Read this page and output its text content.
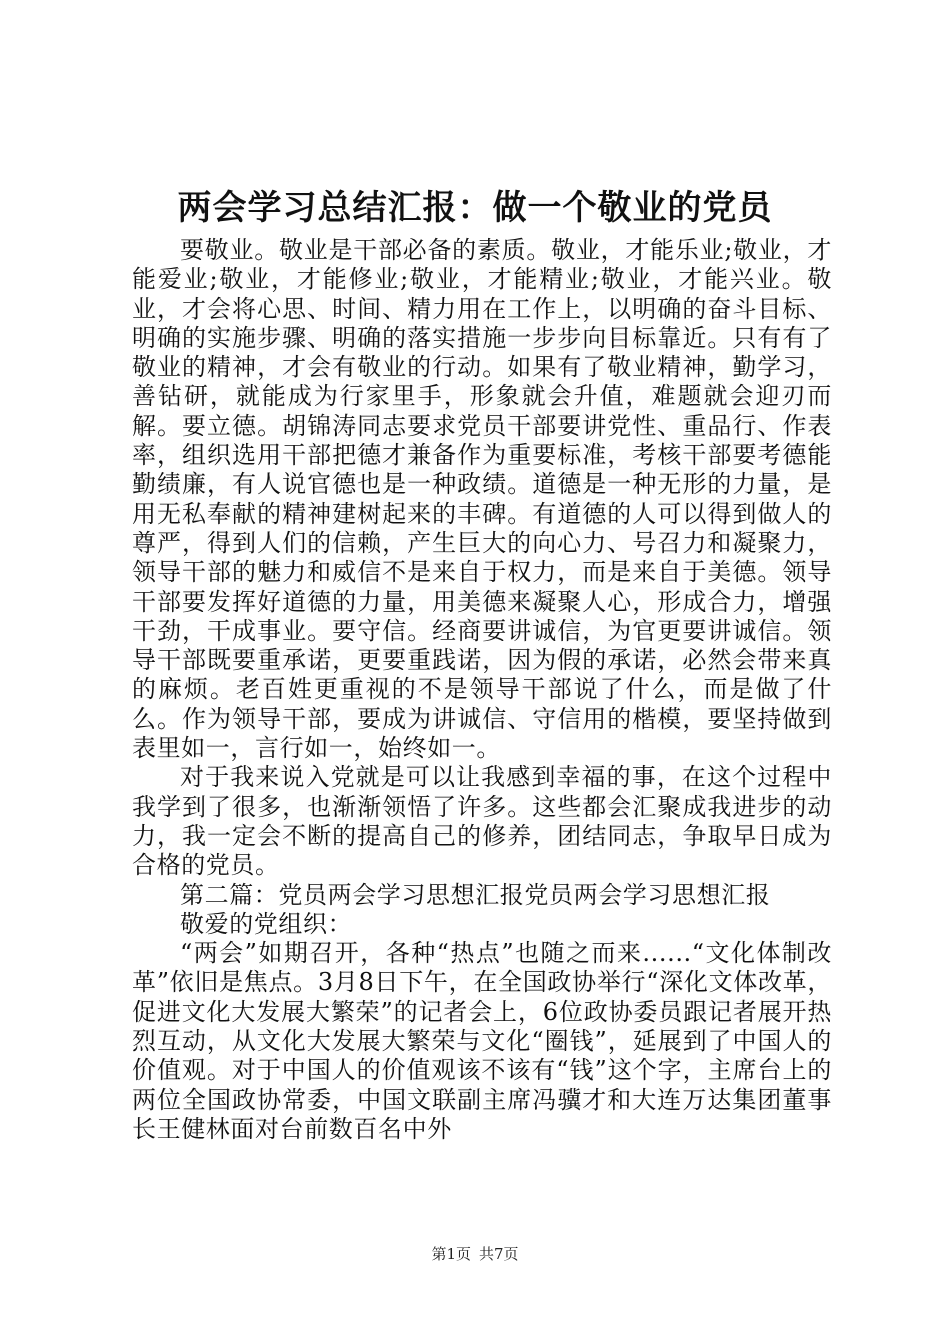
两会学习总结汇报：做一个敬业的党员

要敬业。敬业是干部必备的素质。敬业，才能乐业;敬业，才能爱业;敬业，才能修业;敬业，才能精业;敬业，才能兴业。敬业，才会将心思、时间、精力用在工作上，以明确的奋斗目标、明确的实施步骤、明确的落实措施一步步向目标靠近。只有有了敬业的精神，才会有敬业的行动。如果有了敬业精神，勤学习，善钻研，就能成为行家里手，形象就会升值，难题就会迎刃而解。要立德。胡锦涛同志要求党员干部要讲党性、重品行、作表率，组织选用干部把德才兼备作为重要标准，考核干部要考德能勤绩廉，有人说官德也是一种政绩。道德是一种无形的力量，是用无私奉献的精神建树起来的丰碑。有道德的人可以得到做人的尊严，得到人们的信赖，产生巨大的向心力、号召力和凝聚力，领导干部的魅力和威信不是来自于权力，而是来自于美德。领导干部要发挥好道德的力量，用美德来凝聚人心，形成合力，增强干劲，干成事业。要守信。经商要讲诚信，为官更要讲诚信。领导干部既要重承诺，更要重践诺，因为假的承诺，必然会带来真的麻烦。老百姓更重视的不是领导干部说了什么，而是做了什么。作为领导干部，要成为讲诚信、守信用的楷模，要坚持做到表里如一，言行如一，始终如一。

对于我来说入党就是可以让我感到幸福的事，在这个过程中我学到了很多，也渐渐领悟了许多。这些都会汇聚成我进步的动力，我一定会不断的提高自己的修养，团结同志，争取早日成为合格的党员。

第二篇：党员两会学习思想汇报党员两会学习思想汇报

敬爱的党组织：

“两会”如期召开，各种“热点”也随之而来......“文化体制改革”依旧是焦点。3月8日下午，在全国政协举行“深化文体改革，促进文化大发展大繁荣”的记者会上，6位政协委员跟记者展开热烈互动，从文化大发展大繁荣与文化“圈钱”，延展到了中国人的价值观。对于中国人的价值观该不该有“钱”这个字，主席台上的两位全国政协常委，中国文联副主席冯骥才和大连万达集团董事长王健林面对台前数百名中外

第1页 共7页
